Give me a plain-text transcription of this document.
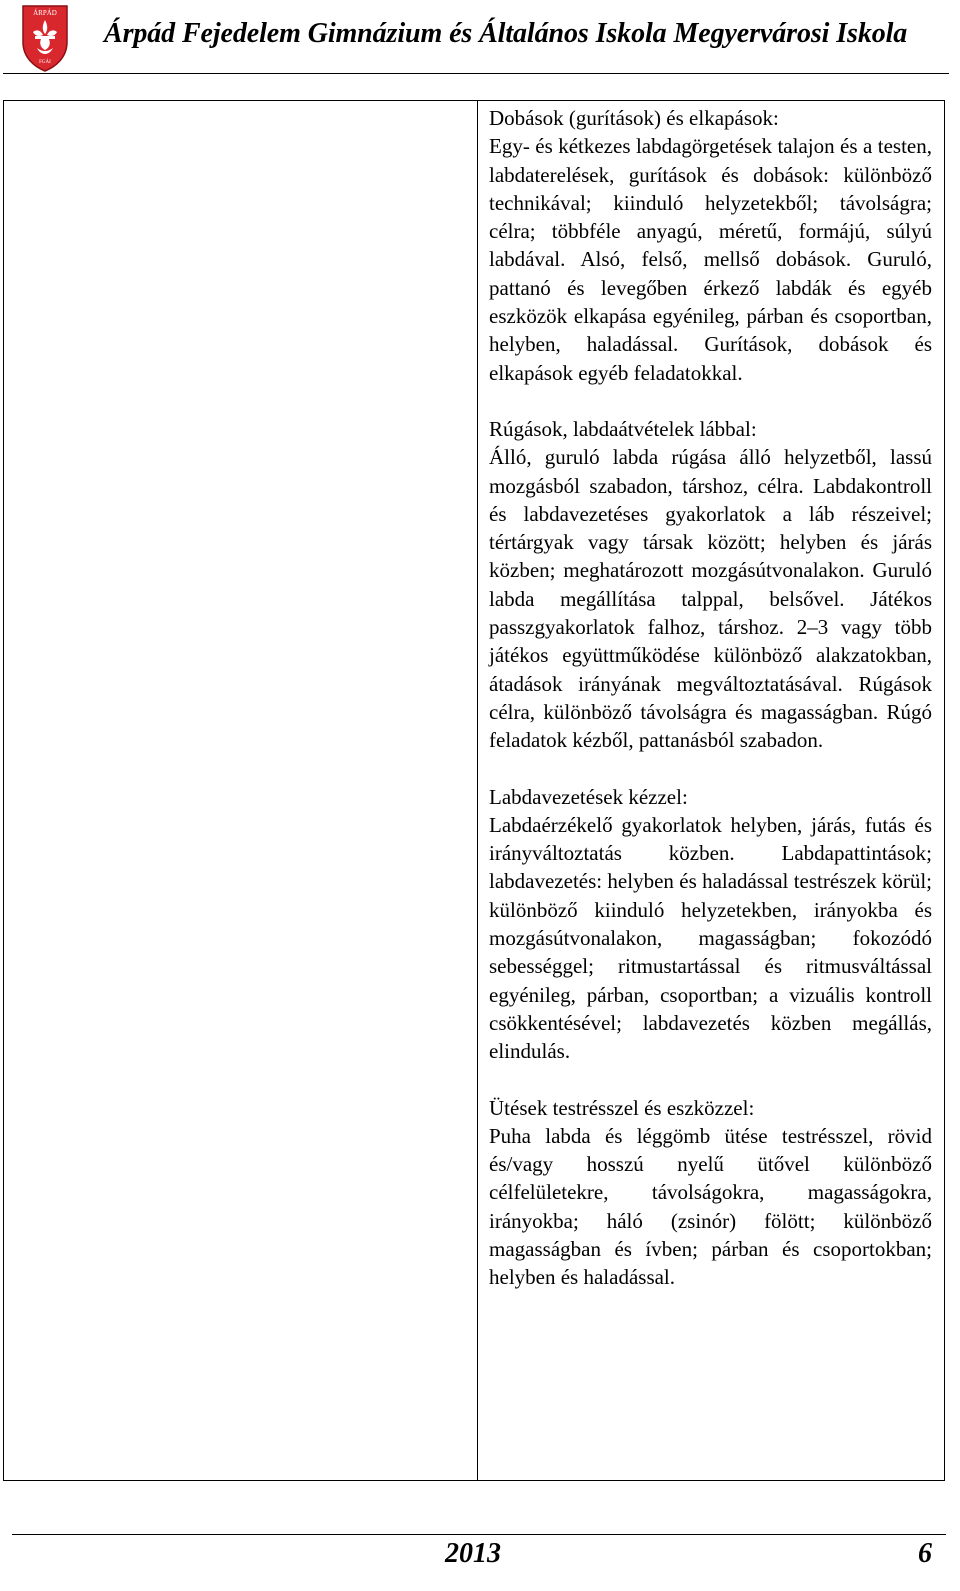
ÁRPÁD
FGÁI
Árpád Fejedelem Gimnázium és Általános Iskola Megyervárosi Iskola

Dobások (gurítások) és elkapások:

Egy- és kétkezes labdagörgetések talajon és a testen, labdaterelések, gurítások és dobások: különböző technikával; kiinduló helyzetekből; távolságra; célra; többféle anyagú, méretű, formájú, súlyú labdával. Alsó, felső, mellső dobások. Guruló, pattanó és levegőben érkező labdák és egyéb eszközök elkapása egyénileg, párban és csoportban, helyben, haladással. Gurítások, dobások és elkapások egyéb feladatokkal.

Rúgások, labdaátvételek lábbal:

Álló, guruló labda rúgása álló helyzetből, lassú mozgásból szabadon, társhoz, célra. Labdakontroll és labdavezetéses gyakorlatok a láb részeivel; tértárgyak vagy társak között; helyben és járás közben; meghatározott mozgásútvonalakon. Guruló labda megállítása talppal, belsővel. Játékos passzgyakorlatok falhoz, társhoz. 2–3 vagy több játékos együttműködése különböző alakzatokban, átadások irányának megváltoztatásával. Rúgások célra, különböző távolságra és magasságban. Rúgó feladatok kézből, pattanásból szabadon.

Labdavezetések kézzel:

Labdaérzékelő gyakorlatok helyben, járás, futás és irányváltoztatás közben. Labdapattintások; labdavezetés: helyben és haladással testrészek körül; különböző kiinduló helyzetekben, irányokba és mozgásútvonalakon, magasságban; fokozódó sebességgel; ritmustartással és ritmusváltással egyénileg, párban, csoportban; a vizuális kontroll csökkentésével; labdavezetés közben megállás, elindulás.

Ütések testrésszel és eszközzel:

Puha labda és léggömb ütése testrésszel, rövid és/vagy hosszú nyelű ütővel különböző célfelületekre, távolságokra, magasságokra, irányokba; háló (zsinór) fölött; különböző magasságban és ívben; párban és csoportokban; helyben és haladással.

2013	6
